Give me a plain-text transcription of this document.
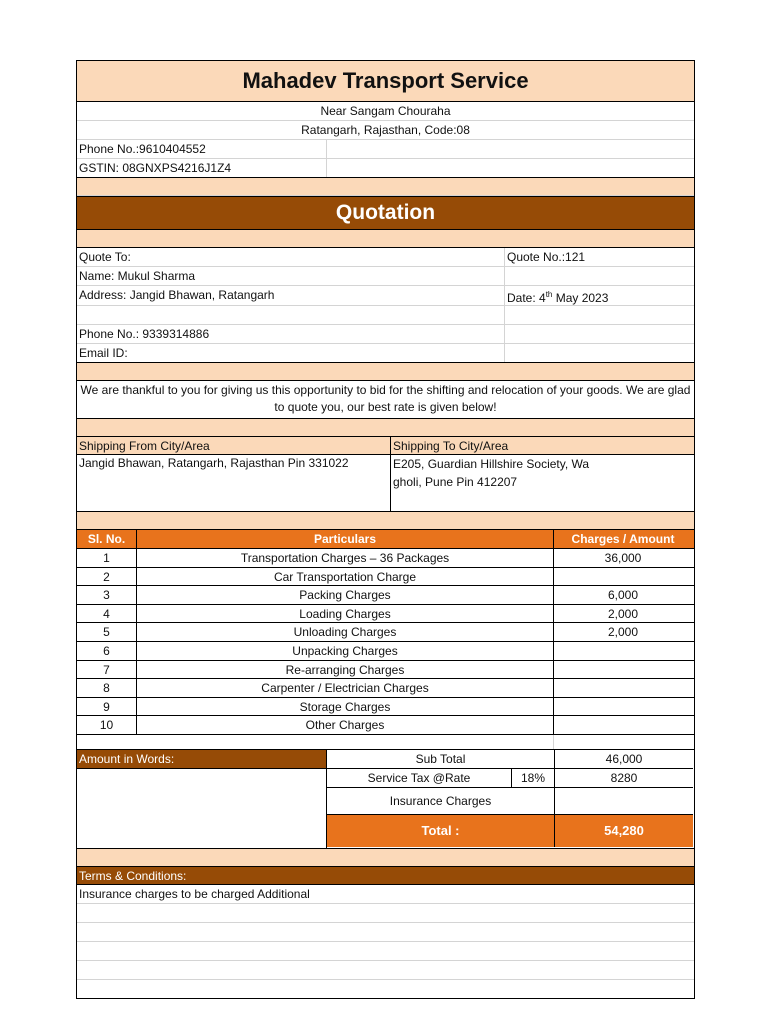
Mahadev Transport Service
Near Sangam Chouraha
Ratangarh, Rajasthan, Code:08
Phone No.:9610404552
GSTIN: 08GNXPS4216J1Z4
Quotation
Quote To:	Quote No.:121
Name: Mukul Sharma
Address: Jangid Bhawan, Ratangarh	Date: 4th May 2023
Phone No.: 9339314886
Email ID:
We are thankful to you for giving us this opportunity to bid for the shifting and relocation of your goods. We are glad to quote you, our best rate is given below!
Shipping From City/Area	Shipping To City/Area
Jangid Bhawan, Ratangarh, Rajasthan Pin 331022	E205, Guardian Hillshire Society, Wa
gholi, Pune Pin 412207
Sl. No.	Particulars	Charges / Amount
1	Transportation Charges – 36 Packages	36,000
2	Car Transportation Charge
3	Packing Charges	6,000
4	Loading Charges	2,000
5	Unloading Charges	2,000
6	Unpacking Charges
7	Re-arranging Charges
8	Carpenter / Electrician Charges
9	Storage Charges
10	Other Charges
Amount in Words:	Sub Total	46,000
Service Tax @Rate	18%	8280
Insurance Charges
Total :	54,280
Terms & Conditions:
Insurance charges to be charged Additional
